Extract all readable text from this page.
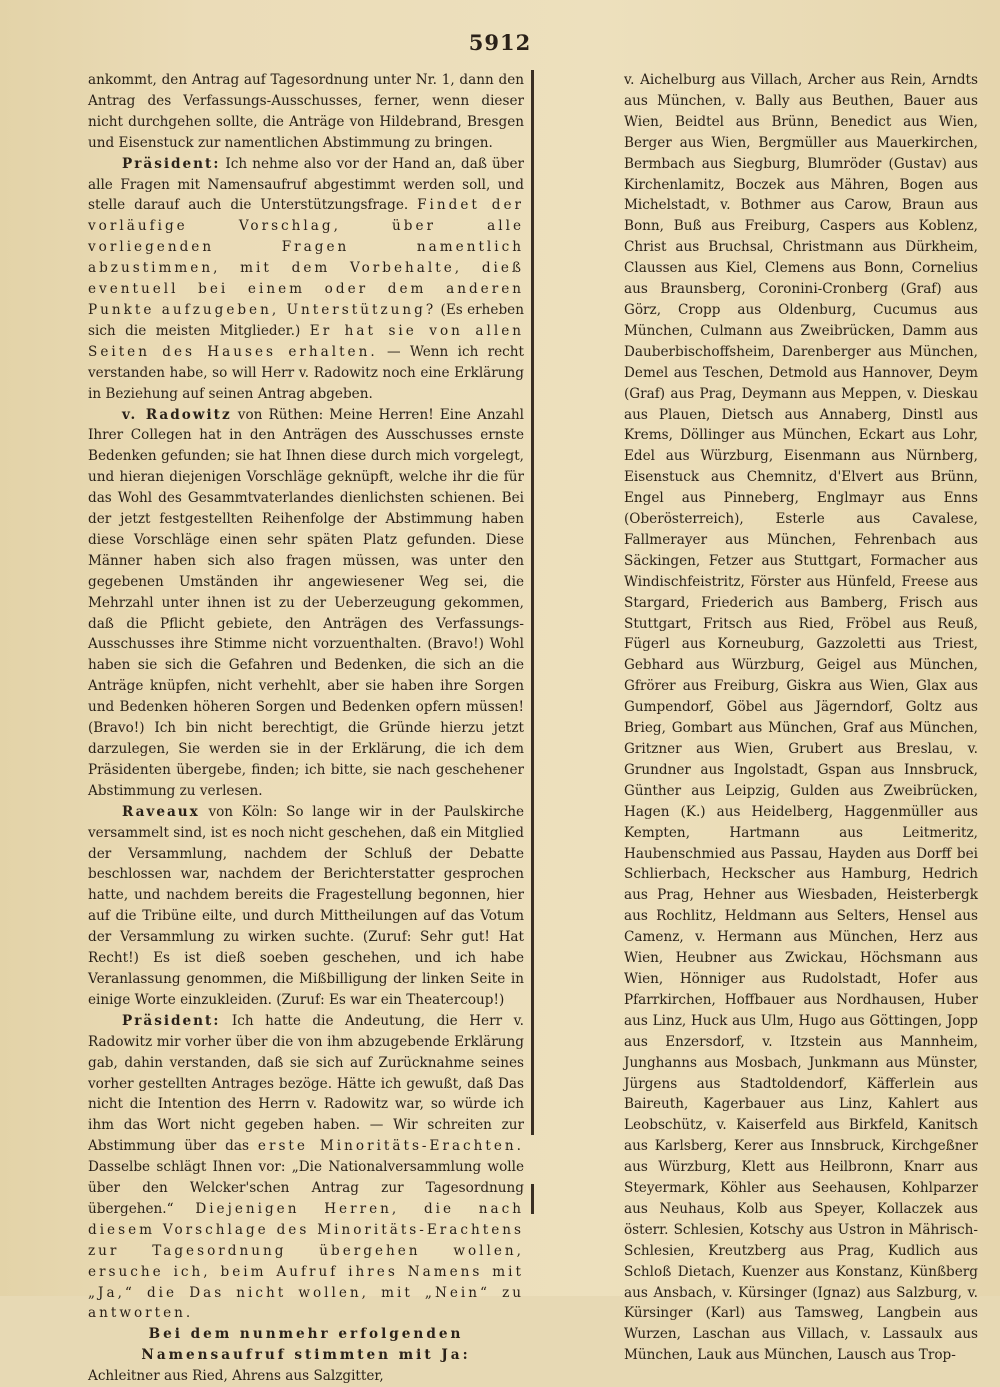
5912

ankommt, den Antrag auf Tagesordnung unter Nr. 1, dann den Antrag des Verfassungs-Ausschusses, ferner, wenn dieser nicht durchgehen sollte, die Anträge von Hildebrand, Bresgen und Eisenstuck zur namentlichen Abstimmung zu bringen.

Präsident: Ich nehme also vor der Hand an, daß über alle Fragen mit Namensaufruf abgestimmt werden soll, und stelle darauf auch die Unterstützungsfrage. Findet der vorläufige Vorschlag, über alle vorliegenden Fragen namentlich abzustimmen, mit dem Vorbehalte, dieß eventuell bei einem oder dem anderen Punkte aufzugeben, Unterstützung? (Es erheben sich die meisten Mitglieder.) Er hat sie von allen Seiten des Hauses erhalten. — Wenn ich recht verstanden habe, so will Herr v. Radowitz noch eine Erklärung in Beziehung auf seinen Antrag abgeben.

v. Radowitz von Rüthen: Meine Herren! Eine Anzahl Ihrer Collegen hat in den Anträgen des Ausschusses ernste Bedenken gefunden; sie hat Ihnen diese durch mich vorgelegt, und hieran diejenigen Vorschläge geknüpft, welche ihr die für das Wohl des Gesammtvaterlandes dienlichsten schienen. Bei der jetzt festgestellten Reihenfolge der Abstimmung haben diese Vorschläge einen sehr späten Platz gefunden. Diese Männer haben sich also fragen müssen, was unter den gegebenen Umständen ihr angewiesener Weg sei, die Mehrzahl unter ihnen ist zu der Ueberzeugung gekommen, daß die Pflicht gebiete, den Anträgen des Verfassungs-Ausschusses ihre Stimme nicht vorzuenthalten. (Bravo!) Wohl haben sie sich die Gefahren und Bedenken, die sich an die Anträge knüpfen, nicht verhehlt, aber sie haben ihre Sorgen und Bedenken höheren Sorgen und Bedenken opfern müssen! (Bravo!) Ich bin nicht berechtigt, die Gründe hierzu jetzt darzulegen, Sie werden sie in der Erklärung, die ich dem Präsidenten übergebe, finden; ich bitte, sie nach geschehener Abstimmung zu verlesen.

Raveaux von Köln: So lange wir in der Paulskirche versammelt sind, ist es noch nicht geschehen, daß ein Mitglied der Versammlung, nachdem der Schluß der Debatte beschlossen war, nachdem der Berichterstatter gesprochen hatte, und nachdem bereits die Fragestellung begonnen, hier auf die Tribüne eilte, und durch Mittheilungen auf das Votum der Versammlung zu wirken suchte. (Zuruf: Sehr gut! Hat Recht!) Es ist dieß soeben geschehen, und ich habe Veranlassung genommen, die Mißbilligung der linken Seite in einige Worte einzukleiden. (Zuruf: Es war ein Theatercoup!)

Präsident: Ich hatte die Andeutung, die Herr v. Radowitz mir vorher über die von ihm abzugebende Erklärung gab, dahin verstanden, daß sie sich auf Zurücknahme seines vorher gestellten Antrages bezöge. Hätte ich gewußt, daß Das nicht die Intention des Herrn v. Radowitz war, so würde ich ihm das Wort nicht gegeben haben. — Wir schreiten zur Abstimmung über das erste Minoritäts-Erachten. Dasselbe schlägt Ihnen vor: „Die Nationalversammlung wolle über den Welcker'schen Antrag zur Tagesordnung übergehen.“ Diejenigen Herren, die nach diesem Vorschlage des Minoritäts-Erachtens zur Tagesordnung übergehen wollen, ersuche ich, beim Aufruf ihres Namens mit „Ja,“ die Das nicht wollen, mit „Nein“ zu antworten.

Bei dem nunmehr erfolgenden Namensaufruf stimmten mit Ja:

Achleitner aus Ried, Ahrens aus Salzgitter,

v. Aichelburg aus Villach, Archer aus Rein, Arndts aus München, v. Bally aus Beuthen, Bauer aus Wien, Beidtel aus Brünn, Benedict aus Wien, Berger aus Wien, Bergmüller aus Mauerkirchen, Bermbach aus Siegburg, Blumröder (Gustav) aus Kirchenlamitz, Boczek aus Mähren, Bogen aus Michelstadt, v. Bothmer aus Carow, Braun aus Bonn, Buß aus Freiburg, Caspers aus Koblenz, Christ aus Bruchsal, Christmann aus Dürkheim, Claussen aus Kiel, Clemens aus Bonn, Cornelius aus Braunsberg, Coronini-Cronberg (Graf) aus Görz, Cropp aus Oldenburg, Cucumus aus München, Culmann aus Zweibrücken, Damm aus Dauberbischoffsheim, Darenberger aus München, Demel aus Teschen, Detmold aus Hannover, Deym (Graf) aus Prag, Deymann aus Meppen, v. Dieskau aus Plauen, Dietsch aus Annaberg, Dinstl aus Krems, Döllinger aus München, Eckart aus Lohr, Edel aus Würzburg, Eisenmann aus Nürnberg, Eisenstuck aus Chemnitz, d'Elvert aus Brünn, Engel aus Pinneberg, Englmayr aus Enns (Oberösterreich), Esterle aus Cavalese, Fallmerayer aus München, Fehrenbach aus Säckingen, Fetzer aus Stuttgart, Formacher aus Windischfeistritz, Förster aus Hünfeld, Freese aus Stargard, Friederich aus Bamberg, Frisch aus Stuttgart, Fritsch aus Ried, Fröbel aus Reuß, Fügerl aus Korneuburg, Gazzoletti aus Triest, Gebhard aus Würzburg, Geigel aus München, Gfrörer aus Freiburg, Giskra aus Wien, Glax aus Gumpendorf, Göbel aus Jägerndorf, Goltz aus Brieg, Gombart aus München, Graf aus München, Gritzner aus Wien, Grubert aus Breslau, v. Grundner aus Ingolstadt, Gspan aus Innsbruck, Günther aus Leipzig, Gulden aus Zweibrücken, Hagen (K.) aus Heidelberg, Haggenmüller aus Kempten, Hartmann aus Leitmeritz, Haubenschmied aus Passau, Hayden aus Dorff bei Schlierbach, Heckscher aus Hamburg, Hedrich aus Prag, Hehner aus Wiesbaden, Heisterbergk aus Rochlitz, Heldmann aus Selters, Hensel aus Camenz, v. Hermann aus München, Herz aus Wien, Heubner aus Zwickau, Höchsmann aus Wien, Hönniger aus Rudolstadt, Hofer aus Pfarrkirchen, Hoffbauer aus Nordhausen, Huber aus Linz, Huck aus Ulm, Hugo aus Göttingen, Jopp aus Enzersdorf, v. Itzstein aus Mannheim, Junghanns aus Mosbach, Junkmann aus Münster, Jürgens aus Stadtoldendorf, Käfferlein aus Baireuth, Kagerbauer aus Linz, Kahlert aus Leobschütz, v. Kaiserfeld aus Birkfeld, Kanitsch aus Karlsberg, Kerer aus Innsbruck, Kirchgeßner aus Würzburg, Klett aus Heilbronn, Knarr aus Steyermark, Köhler aus Seehausen, Kohlparzer aus Neuhaus, Kolb aus Speyer, Kollaczek aus österr. Schlesien, Kotschy aus Ustron in Mährisch-Schlesien, Kreutzberg aus Prag, Kudlich aus Schloß Dietach, Kuenzer aus Konstanz, Künßberg aus Ansbach, v. Kürsinger (Ignaz) aus Salzburg, v. Kürsinger (Karl) aus Tamsweg, Langbein aus Wurzen, Laschan aus Villach, v. Lassaulx aus München, Lauk aus München, Lausch aus Trop-
